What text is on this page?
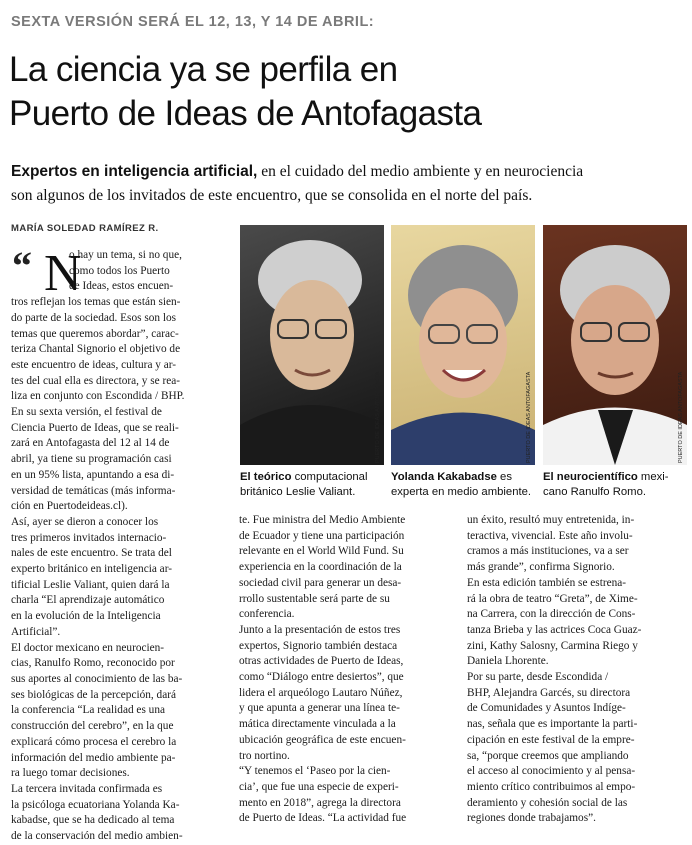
SEXTA VERSIÓN SERÁ EL 12, 13, Y 14 DE ABRIL:
La ciencia ya se perfila en
Puerto de Ideas de Antofagasta
Expertos en inteligencia artificial, en el cuidado del medio ambiente y en neurociencia
son algunos de los invitados de este encuentro, que se consolida en el norte del país.
MARÍA SOLEDAD RAMÍREZ R.
“ N
o hay un tema, si no que,
como todos los Puerto
de Ideas, estos encuen-
tros reflejan los temas que están sien-
do parte de la sociedad. Esos son los
temas que queremos abordar”, carac-
teriza Chantal Signorio el objetivo de
este encuentro de ideas, cultura y ar-
tes del cual ella es directora, y se rea-
liza en conjunto con Escondida / BHP.
En su sexta versión, el festival de
Ciencia Puerto de Ideas, que se reali-
zará en Antofagasta del 12 al 14 de
abril, ya tiene su programación casi
en un 95% lista, apuntando a esa di-
versidad de temáticas (más informa-
ción en Puertodeideas.cl).
Así, ayer se dieron a conocer los
tres primeros invitados internacio-
nales de este encuentro. Se trata del
experto británico en inteligencia ar-
tificial Leslie Valiant, quien dará la
charla “El aprendizaje automático
en la evolución de la Inteligencia
Artificial”.
El doctor mexicano en neurocien-
cias, Ranulfo Romo, reconocido por
sus aportes al conocimiento de las ba-
ses biológicas de la percepción, dará
la conferencia “La realidad es una
construcción del cerebro”, en la que
explicará cómo procesa el cerebro la
información del medio ambiente pa-
ra luego tomar decisiones.
La tercera invitada confirmada es
la psicóloga ecuatoriana Yolanda Ka-
kabadse, que se ha dedicado al tema
de la conservación del medio ambien-
te. Fue ministra del Medio Ambiente
de Ecuador y tiene una participación
relevante en el World Wild Fund. Su
experiencia en la coordinación de la
sociedad civil para generar un desa-
rrollo sustentable será parte de su
conferencia.
Junto a la presentación de estos tres
expertos, Signorio también destaca
otras actividades de Puerto de Ideas,
como “Diálogo entre desiertos”, que
lidera el arqueólogo Lautaro Núñez,
y que apunta a generar una línea te-
mática directamente vinculada a la
ubicación geográfica de este encuen-
tro nortino.
“Y tenemos el ‘Paseo por la cien-
cia’, que fue una especie de experi-
mento en 2018”, agrega la directora
de Puerto de Ideas. “La actividad fue
un éxito, resultó muy entretenida, in-
teractiva, vivencial. Este año involu-
cramos a más instituciones, va a ser
más grande”, confirma Signorio.
En esta edición también se estrena-
rá la obra de teatro “Greta”, de Xime-
na Carrera, con la dirección de Cons-
tanza Brieba y las actrices Coca Guaz-
zini, Kathy Salosny, Carmina Riego y
Daniela Lhorente.
Por su parte, desde Escondida /
BHP, Alejandra Garcés, su directora
de Comunidades y Asuntos Indíge-
nas, señala que es importante la parti-
cipación en este festival de la empre-
sa, “porque creemos que ampliando
el acceso al conocimiento y al pensa-
miento crítico contribuimos al empo-
deramiento y cohesión social de las
regiones donde trabajamos”.
PUERTO DE IDEAS ANTOFAGASTA	PUERTO DE IDEAS ANTOFAGASTA	PUERTO DE IDEAS ANTOFAGASTA
El teórico computacional
británico Leslie Valiant.
Yolanda Kakabadse es
experta en medio ambiente.
El neurocientífico mexi-
cano Ranulfo Romo.
